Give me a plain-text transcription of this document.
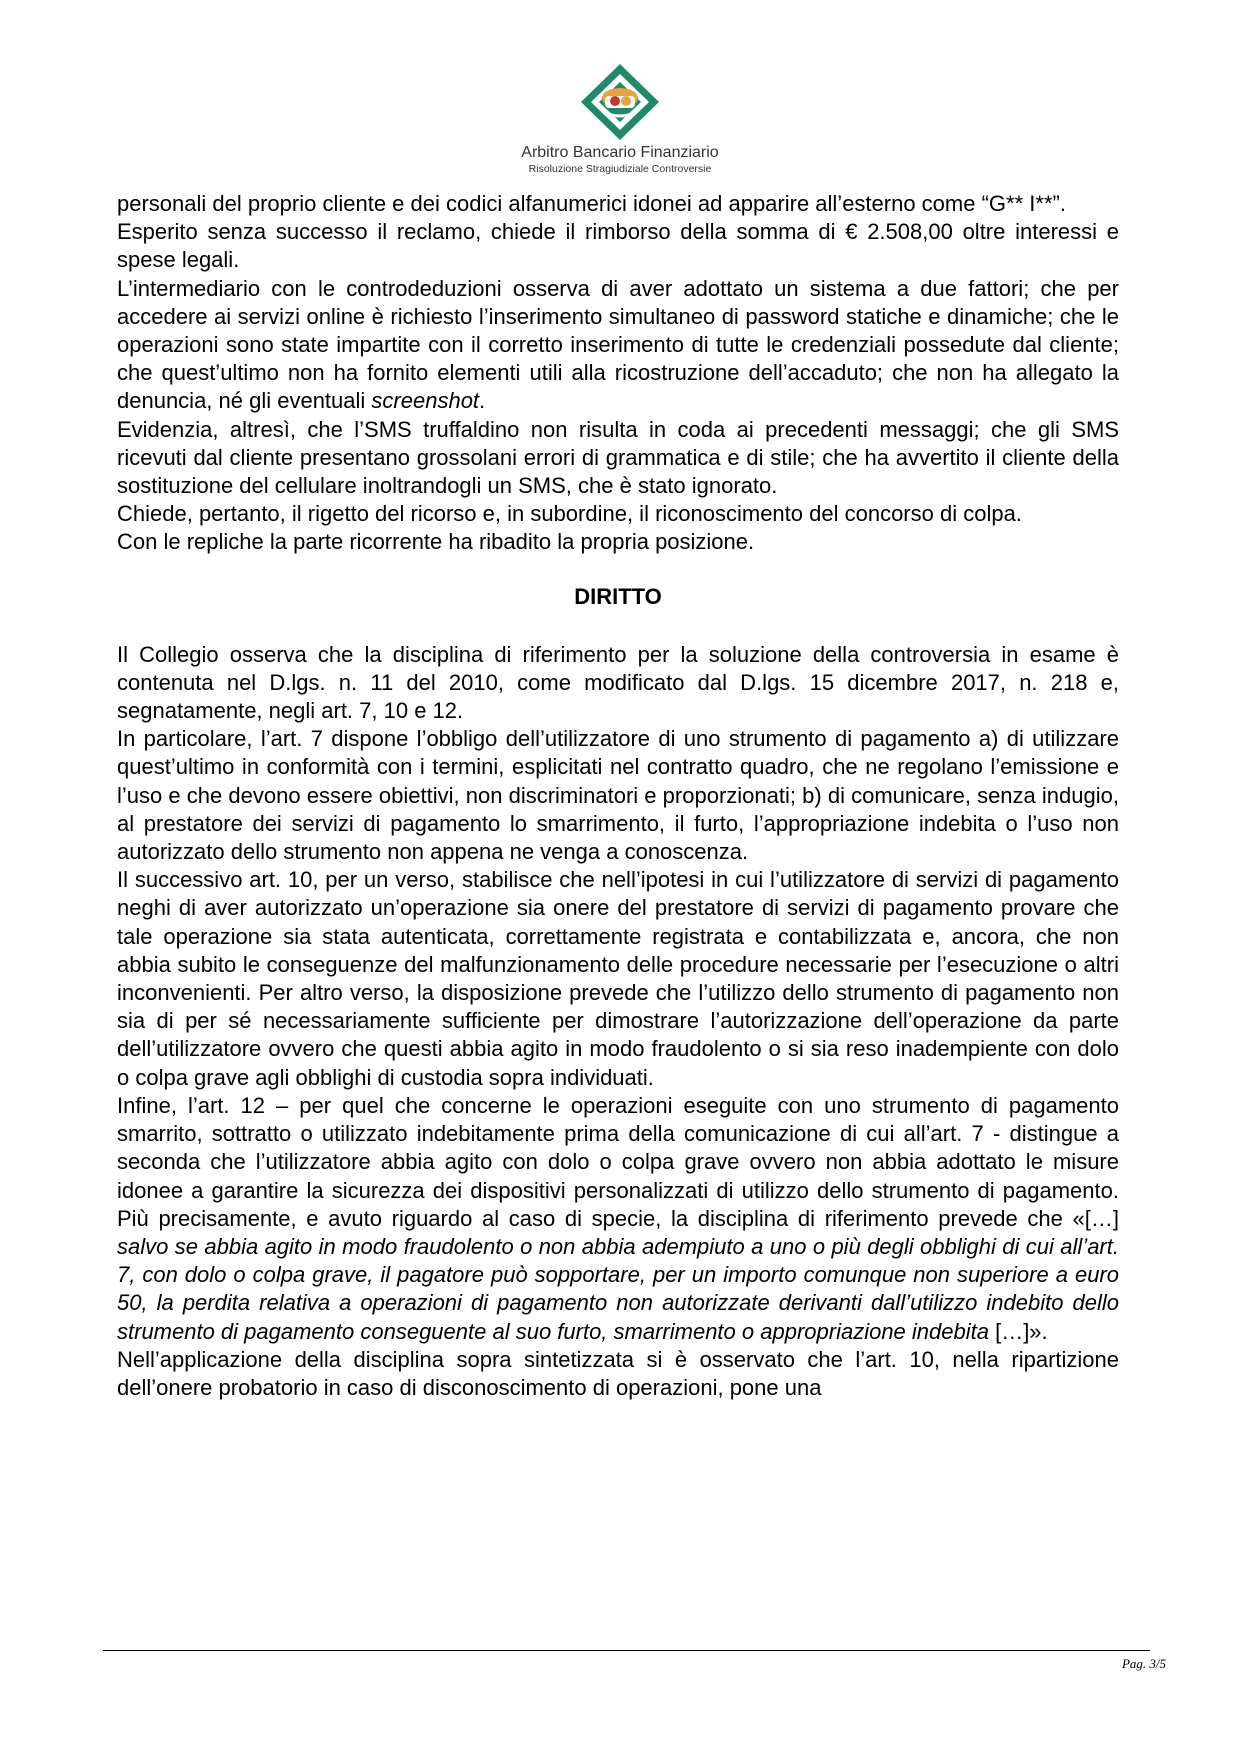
Arbitro Bancario Finanziario
Risoluzione Stragiudiziale Controversie

personali del proprio cliente e dei codici alfanumerici idonei ad apparire all’esterno come “G** I**”.

Esperito senza successo il reclamo, chiede il rimborso della somma di € 2.508,00 oltre interessi e spese legali.

L’intermediario con le controdeduzioni osserva di aver adottato un sistema a due fattori; che per accedere ai servizi online è richiesto l’inserimento simultaneo di password statiche e dinamiche; che le operazioni sono state impartite con il corretto inserimento di tutte le credenziali possedute dal cliente; che quest’ultimo non ha fornito elementi utili alla ricostruzione dell’accaduto; che non ha allegato la denuncia, né gli eventuali screenshot.

Evidenzia, altresì, che l’SMS truffaldino non risulta in coda ai precedenti messaggi; che gli SMS ricevuti dal cliente presentano grossolani errori di grammatica e di stile; che ha avvertito il cliente della sostituzione del cellulare inoltrandogli un SMS, che è stato ignorato.

Chiede, pertanto, il rigetto del ricorso e, in subordine, il riconoscimento del concorso di colpa.

Con le repliche la parte ricorrente ha ribadito la propria posizione.

DIRITTO

Il Collegio osserva che la disciplina di riferimento per la soluzione della controversia in esame è contenuta nel D.lgs. n. 11 del 2010, come modificato dal D.lgs. 15 dicembre 2017, n. 218 e, segnatamente, negli art. 7, 10 e 12.

In particolare, l’art. 7 dispone l’obbligo dell’utilizzatore di uno strumento di pagamento a) di utilizzare quest’ultimo in conformità con i termini, esplicitati nel contratto quadro, che ne regolano l’emissione e l’uso e che devono essere obiettivi, non discriminatori e proporzionati; b) di comunicare, senza indugio, al prestatore dei servizi di pagamento lo smarrimento, il furto, l’appropriazione indebita o l’uso non autorizzato dello strumento non appena ne venga a conoscenza.

Il successivo art. 10, per un verso, stabilisce che nell’ipotesi in cui l’utilizzatore di servizi di pagamento neghi di aver autorizzato un’operazione sia onere del prestatore di servizi di pagamento provare che tale operazione sia stata autenticata, correttamente registrata e contabilizzata e, ancora, che non abbia subito le conseguenze del malfunzionamento delle procedure necessarie per l’esecuzione o altri inconvenienti. Per altro verso, la disposizione prevede che l’utilizzo dello strumento di pagamento non sia di per sé necessariamente sufficiente per dimostrare l’autorizzazione dell’operazione da parte dell’utilizzatore ovvero che questi abbia agito in modo fraudolento o si sia reso inadempiente con dolo o colpa grave agli obblighi di custodia sopra individuati.

Infine, l’art. 12 – per quel che concerne le operazioni eseguite con uno strumento di pagamento smarrito, sottratto o utilizzato indebitamente prima della comunicazione di cui all’art. 7 - distingue a seconda che l’utilizzatore abbia agito con dolo o colpa grave ovvero non abbia adottato le misure idonee a garantire la sicurezza dei dispositivi personalizzati di utilizzo dello strumento di pagamento. Più precisamente, e avuto riguardo al caso di specie, la disciplina di riferimento prevede che «[…] salvo se abbia agito in modo fraudolento o non abbia adempiuto a uno o più degli obblighi di cui all’art. 7, con dolo o colpa grave, il pagatore può sopportare, per un importo comunque non superiore a euro 50, la perdita relativa a operazioni di pagamento non autorizzate derivanti dall’utilizzo indebito dello strumento di pagamento conseguente al suo furto, smarrimento o appropriazione indebita […]».

Nell’applicazione della disciplina sopra sintetizzata si è osservato che l’art. 10, nella ripartizione dell’onere probatorio in caso di disconoscimento di operazioni, pone una

Pag. 3/5
